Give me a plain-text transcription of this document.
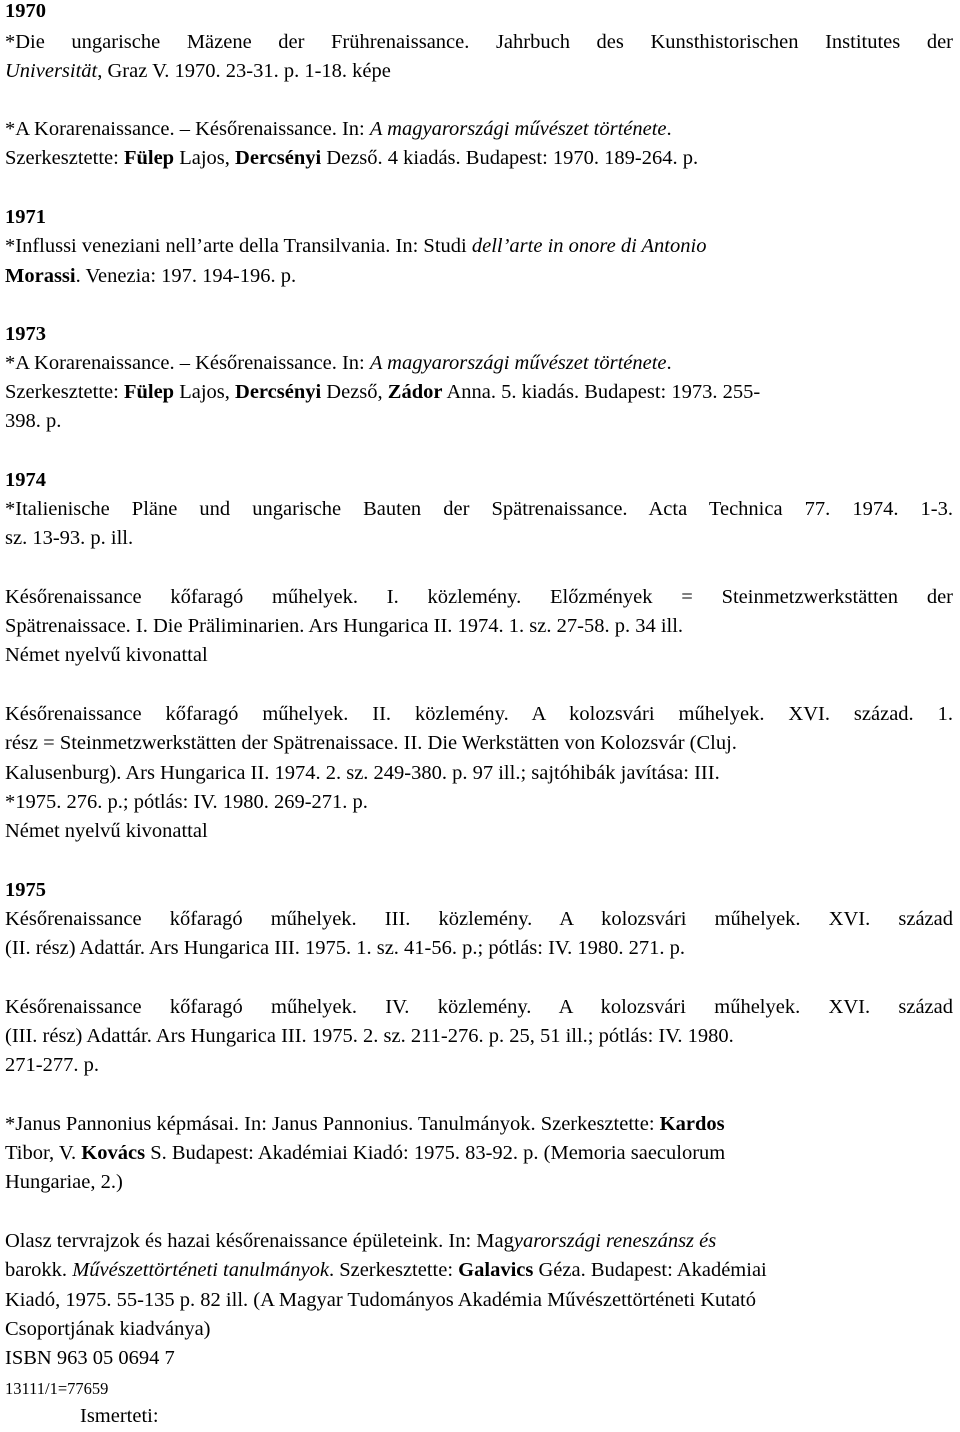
1970
*Die ungarische Mäzene der Frührenaissance. Jahrbuch des Kunsthistorischen Institutes der
Universität, Graz V. 1970. 23-31. p. 1-18. képe
*A Korarenaissance. – Későrenaissance. In: A magyarországi művészet története.
Szerkesztette: Fülep Lajos, Dercsényi Dezső. 4 kiadás. Budapest: 1970. 189-264. p.
1971
*Influssi veneziani nell’arte della Transilvania. In: Studi dell’arte in onore di Antonio
Morassi. Venezia: 197. 194-196. p.
1973
*A Korarenaissance. – Későrenaissance. In: A magyarországi művészet története.
Szerkesztette: Fülep Lajos, Dercsényi Dezső, Zádor Anna. 5. kiadás. Budapest: 1973. 255-
398. p.
1974
*Italienische Pläne und ungarische Bauten der Spätrenaissance. Acta Technica 77. 1974. 1-3.
sz. 13-93. p. ill.
Későrenaissance kőfaragó műhelyek. I. közlemény. Előzmények = Steinmetzwerkstätten der
Spätrenaissace. I. Die Präliminarien. Ars Hungarica II. 1974. 1. sz. 27-58. p. 34 ill.
Német nyelvű kivonattal
Későrenaissance kőfaragó műhelyek. II. közlemény. A kolozsvári műhelyek. XVI. század. 1.
rész = Steinmetzwerkstätten der Spätrenaissace. II. Die Werkstätten von Kolozsvár (Cluj.
Kalusenburg). Ars Hungarica II. 1974. 2. sz. 249-380. p. 97 ill.; sajtóhibák javítása: III.
*1975. 276. p.; pótlás: IV. 1980. 269-271. p.
Német nyelvű kivonattal
1975
Későrenaissance kőfaragó műhelyek. III. közlemény. A kolozsvári műhelyek. XVI. század
(II. rész) Adattár. Ars Hungarica III. 1975. 1. sz. 41-56. p.; pótlás: IV. 1980. 271. p.
Későrenaissance kőfaragó műhelyek. IV. közlemény. A kolozsvári műhelyek. XVI. század
(III. rész) Adattár. Ars Hungarica III. 1975. 2. sz. 211-276. p. 25, 51 ill.; pótlás: IV. 1980.
271-277. p.
*Janus Pannonius képmásai. In: Janus Pannonius. Tanulmányok. Szerkesztette: Kardos
Tibor, V. Kovács S. Budapest: Akadémiai Kiadó: 1975. 83-92. p. (Memoria saeculorum
Hungariae, 2.)
Olasz tervrajzok és hazai későrenaissance épületeink. In: Magyarországi reneszánsz és
barokk. Művészettörténeti tanulmányok. Szerkesztette: Galavics Géza. Budapest: Akadémiai
Kiadó, 1975. 55-135 p. 82 ill. (A Magyar Tudományos Akadémia Művészettörténeti Kutató
Csoportjának kiadványa)
ISBN 963 05 0694 7
13111/1=77659
Ismerteti:
